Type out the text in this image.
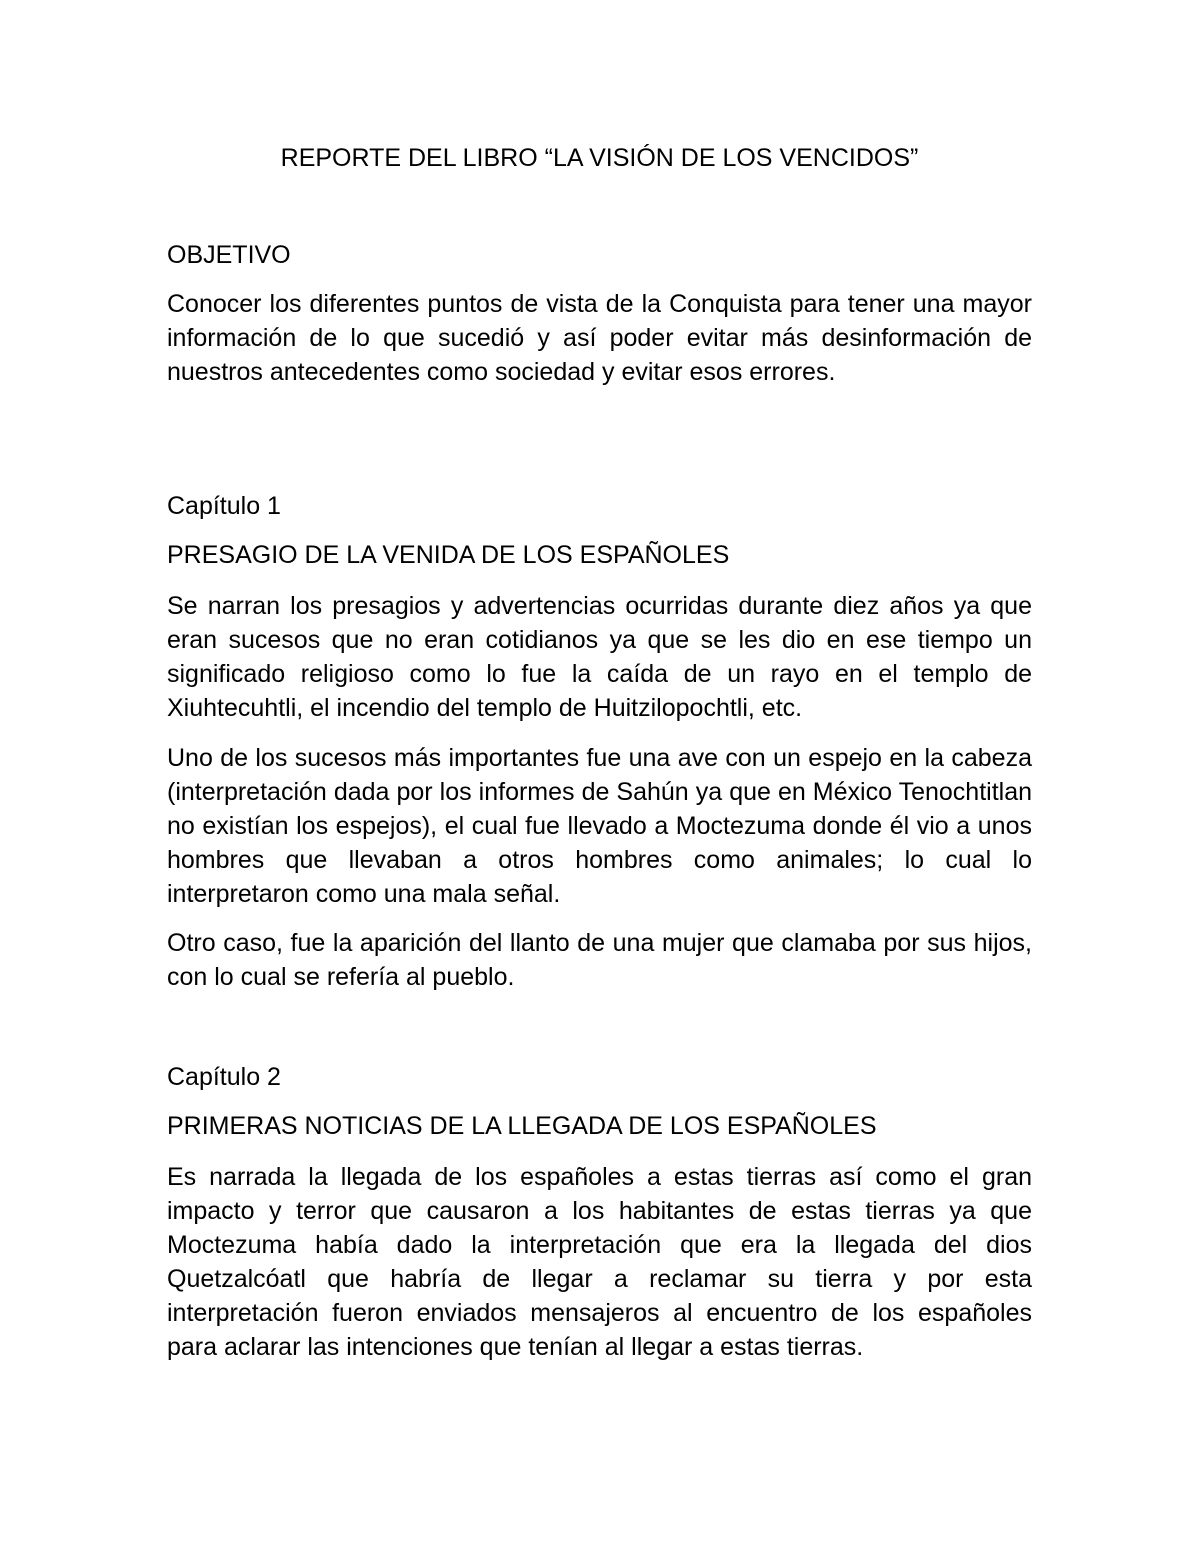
REPORTE DEL LIBRO “LA VISIÓN DE LOS VENCIDOS”
OBJETIVO
Conocer los diferentes puntos de vista de la Conquista para tener una mayor información de lo que sucedió y así poder evitar más desinformación de nuestros antecedentes como sociedad y evitar esos errores.
Capítulo 1
PRESAGIO DE LA VENIDA DE LOS ESPAÑOLES
Se narran los presagios y advertencias ocurridas durante diez años ya que eran sucesos que no eran cotidianos ya que se les dio en ese tiempo un significado religioso como lo fue la caída de un rayo en el templo de Xiuhtecuhtli, el incendio del templo de Huitzilopochtli, etc.
Uno de los sucesos más importantes fue una ave con un espejo en la cabeza (interpretación dada por los informes de Sahún ya que en México Tenochtitlan no existían los espejos), el cual fue llevado a Moctezuma donde él vio a unos hombres que llevaban a otros hombres como animales; lo cual lo interpretaron como una mala señal.
Otro caso, fue la aparición del llanto de una mujer que clamaba por sus hijos, con lo cual se refería al pueblo.
Capítulo 2
PRIMERAS NOTICIAS DE LA LLEGADA DE LOS ESPAÑOLES
Es narrada la llegada de los españoles a estas tierras así como el gran impacto y terror que causaron a los habitantes de estas tierras ya que Moctezuma había dado la interpretación que era la llegada del dios Quetzalcóatl que habría de llegar a reclamar su tierra y por esta interpretación fueron enviados mensajeros al encuentro de los españoles para aclarar las intenciones que tenían al llegar a estas tierras.
